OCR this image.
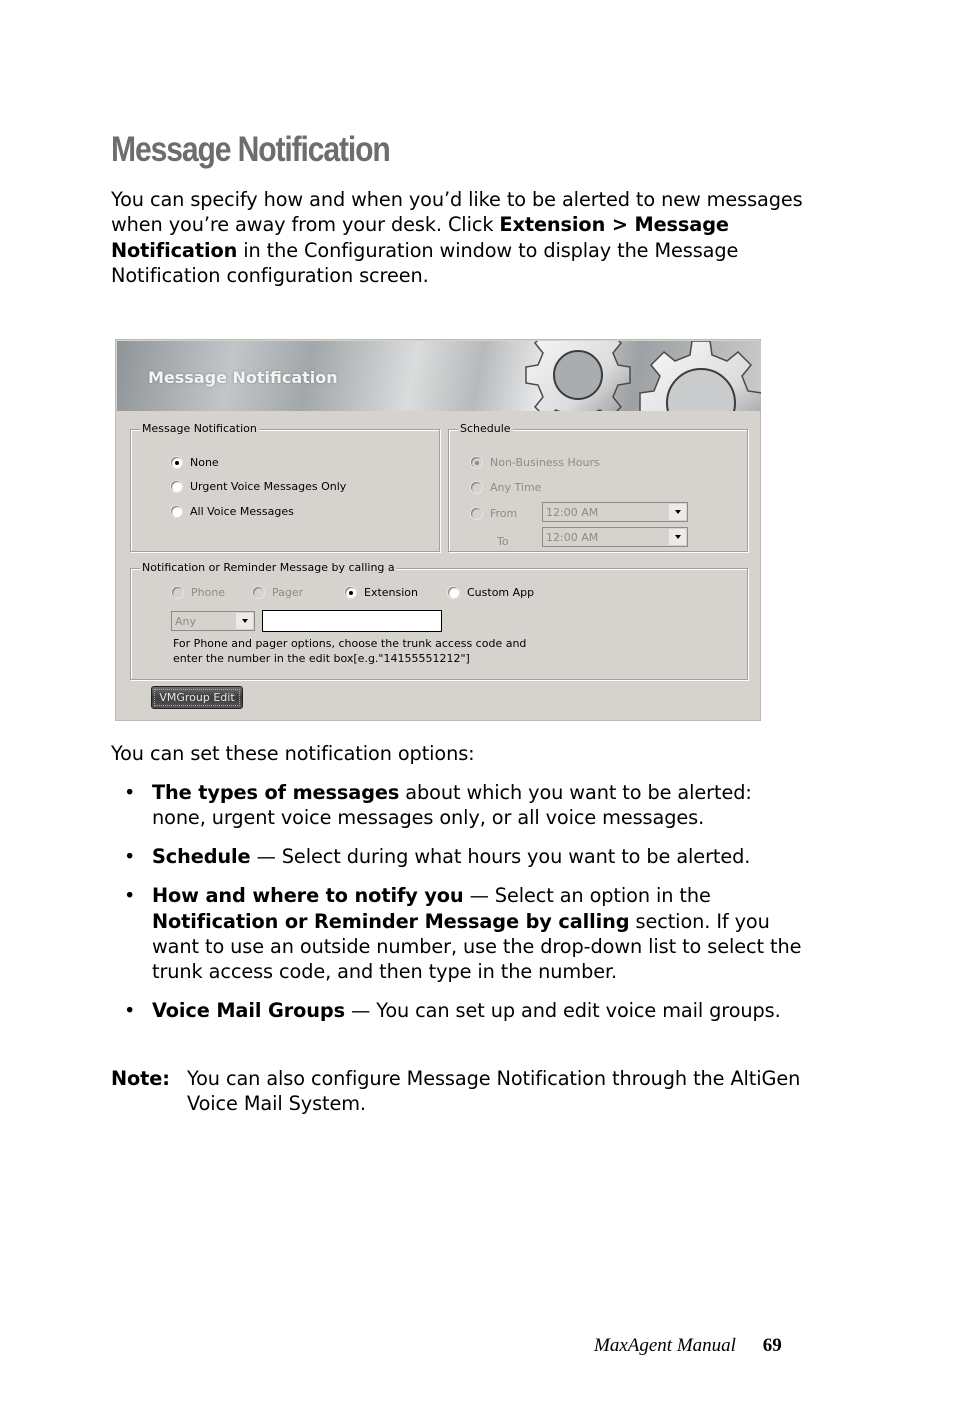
Message Notification

You can specify how and when you’d like to be alerted to new messages when you’re away from your desk. Click Extension > Message Notification in the Configuration window to display the Message Notification configuration screen.

Message Notification
Message Notification
None
Urgent Voice Messages Only
All Voice Messages
Schedule
Non-Business Hours
Any Time
From
To
12:00 AM
12:00 AM
Notification or Reminder Message by calling a
Phone	Pager	Extension	Custom App
Any
For Phone and pager options, choose the trunk access code and
enter the number in the edit box[e.g."14155551212"]
VMGroup Edit

You can set these notification options:

• The types of messages about which you want to be alerted: none, urgent voice messages only, or all voice messages.
• Schedule — Select during what hours you want to be alerted.
• How and where to notify you — Select an option in the Notification or Reminder Message by calling section. If you want to use an outside number, use the drop-down list to select the trunk access code, and then type in the number.
• Voice Mail Groups — You can set up and edit voice mail groups.
Note: You can also configure Message Notification through the AltiGen Voice Mail System.
MaxAgent Manual 69
